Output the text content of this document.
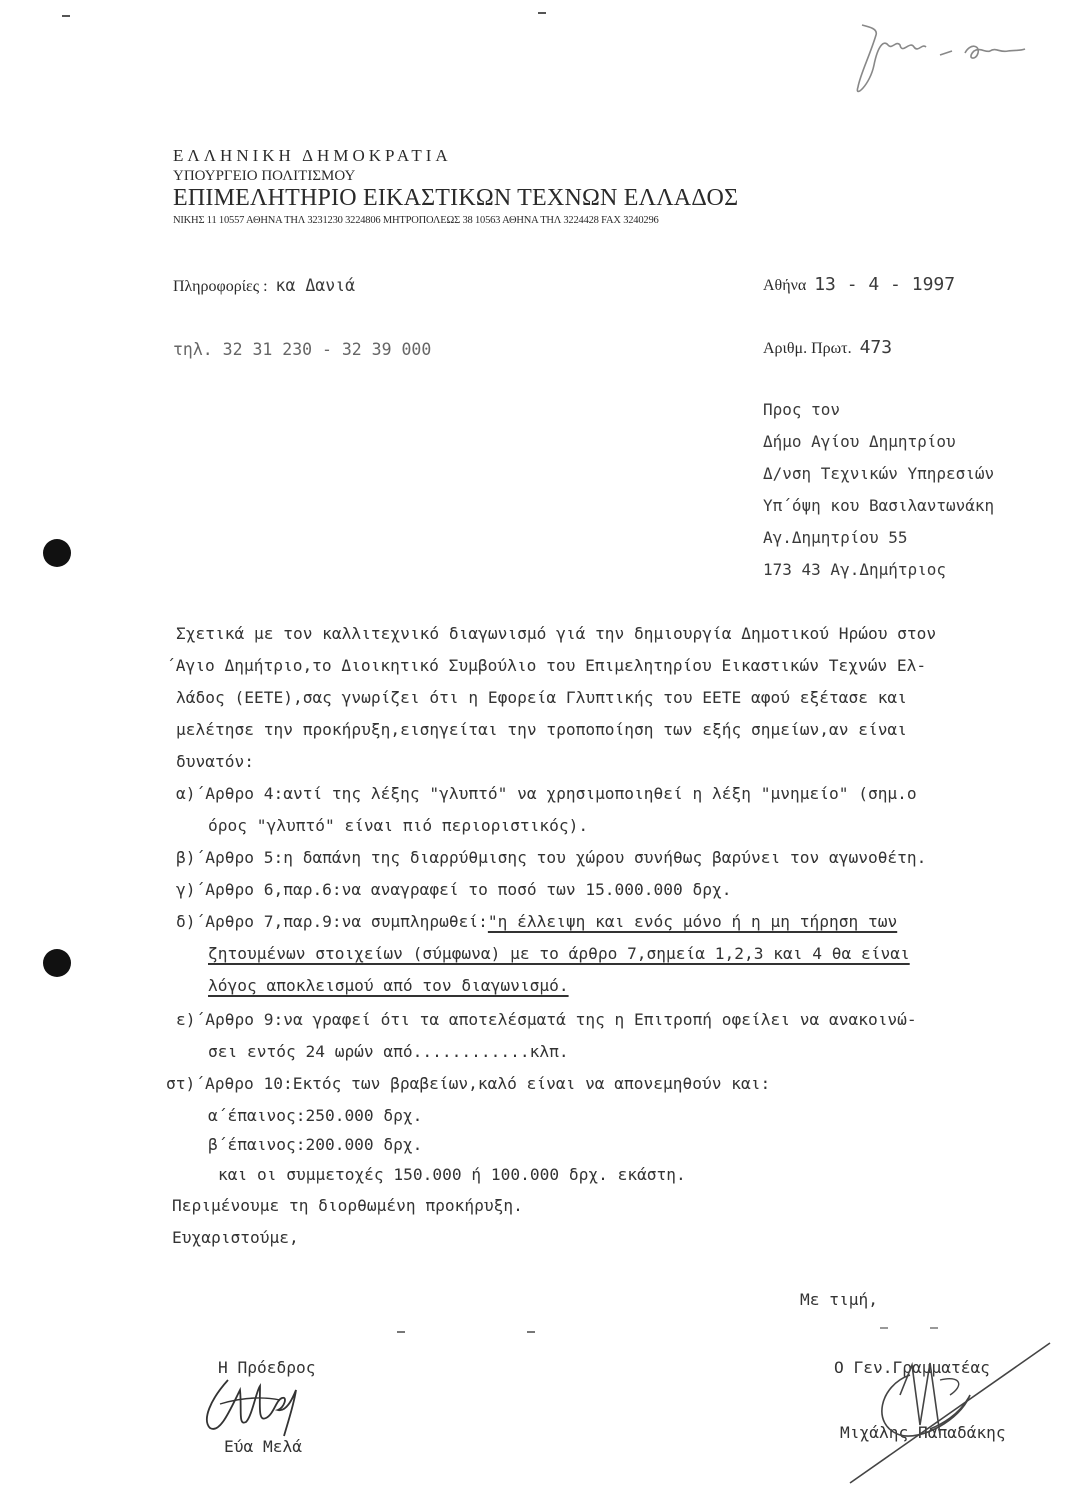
ΕΛΛΗΝΙΚΗ ΔΗΜΟΚΡΑΤΙΑ
ΥΠΟΥΡΓΕΙΟ ΠΟΛΙΤΙΣΜΟΥ
ΕΠΙΜΕΛΗΤΗΡΙΟ ΕΙΚΑΣΤΙΚΩΝ ΤΕΧΝΩΝ ΕΛΛΑΔΟΣ
ΝΙΚΗΣ 11 10557 ΑΘΗΝΑ ΤΗΛ 3231230 3224806 ΜΗΤΡΟΠΟΛΕΩΣ 38 10563 ΑΘΗΝΑ ΤΗΛ 3224428 FAX 3240296
Πληροφορίες : κα Δανιά
τηλ. 32 31 230 - 32 39 000
Αθήνα 13 - 4 - 1997
Αριθμ. Πρωτ. 473
Προς τον
Δήμο Αγίου Δημητρίου
Δ/νση Τεχνικών Υπηρεσιών
Υπ΄όψη κου Βασιλαντωνάκη
Αγ.Δημητρίου 55
173 43 Αγ.Δημήτριος
Σχετικά με τον καλλιτεχνικό διαγωνισμό γιά την δημιουργία Δημοτικού Ηρώου στον
΄Αγιο Δημήτριο,το Διοικητικό Συμβούλιο του Επιμελητηρίου Εικαστικών Τεχνών Ελ-
λάδος (ΕΕΤΕ),σας γνωρίζει ότι η Εφορεία Γλυπτικής του ΕΕΤΕ αφού εξέτασε και
μελέτησε την προκήρυξη,εισηγείται την τροποποίηση των εξής σημείων,αν είναι
δυνατόν:
α)΄Αρθρο 4:αντί της λέξης "γλυπτό" να χρησιμοποιηθεί η λέξη "μνημείο" (σημ.ο
όρος "γλυπτό" είναι πιό περιοριστικός).
β)΄Αρθρο 5:η δαπάνη της διαρρύθμισης του χώρου συνήθως βαρύνει τον αγωνοθέτη.
γ)΄Αρθρο 6,παρ.6:να αναγραφεί το ποσό των 15.000.000 δρχ.
δ)΄Αρθρο 7,παρ.9:να συμπληρωθεί:"η έλλειψη και ενός μόνο ή η μη τήρηση των
ζητουμένων στοιχείων (σύμφωνα) με το άρθρο 7,σημεία 1,2,3 και 4 θα είναι
λόγος αποκλεισμού από τον διαγωνισμό.
ε)΄Αρθρο 9:να γραφεί ότι τα αποτελέσματά της η Επιτροπή οφείλει να ανακοινώ-
σει εντός 24 ωρών από............κλπ.
στ)΄Αρθρο 10:Εκτός των βραβείων,καλό είναι να απονεμηθούν και:
α΄έπαινος:250.000 δρχ.
β΄έπαινος:200.000 δρχ.
και οι συμμετοχές 150.000 ή 100.000 δρχ. εκάστη.
Περιμένουμε τη διορθωμένη προκήρυξη.
Ευχαριστούμε,
Με τιμή,
Η Πρόεδρος
Εύα Μελά
Ο Γεν.Γραμματέας
Μιχάλης Παπαδάκης
